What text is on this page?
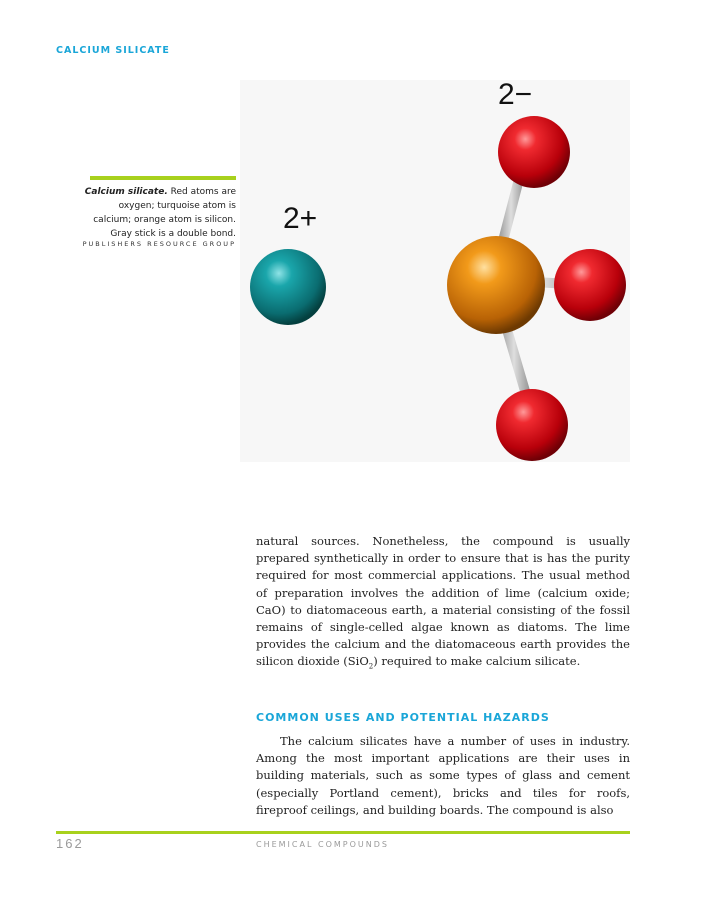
CALCIUM SILICATE
Calcium silicate. Red atoms are oxygen; turquoise atom is calcium; orange atom is silicon. Gray stick is a double bond.
PUBLISHERS RESOURCE GROUP
2−
2+

natural sources. Nonetheless, the compound is usually prepared synthetically in order to ensure that is has the purity required for most commercial applications. The usual method of preparation involves the addition of lime (calcium oxide; CaO) to diatomaceous earth, a material consisting of the fossil remains of single-celled algae known as diatoms. The lime provides the calcium and the diatomaceous earth provides the silicon dioxide (SiO$_2$) required to make calcium silicate.

COMMON USES AND POTENTIAL HAZARDS

The calcium silicates have a number of uses in industry. Among the most important applications are their uses in building materials, such as some types of glass and cement (especially Portland cement), bricks and tiles for roofs, fireproof ceilings, and building boards. The compound is also

162	CHEMICAL COMPOUNDS
